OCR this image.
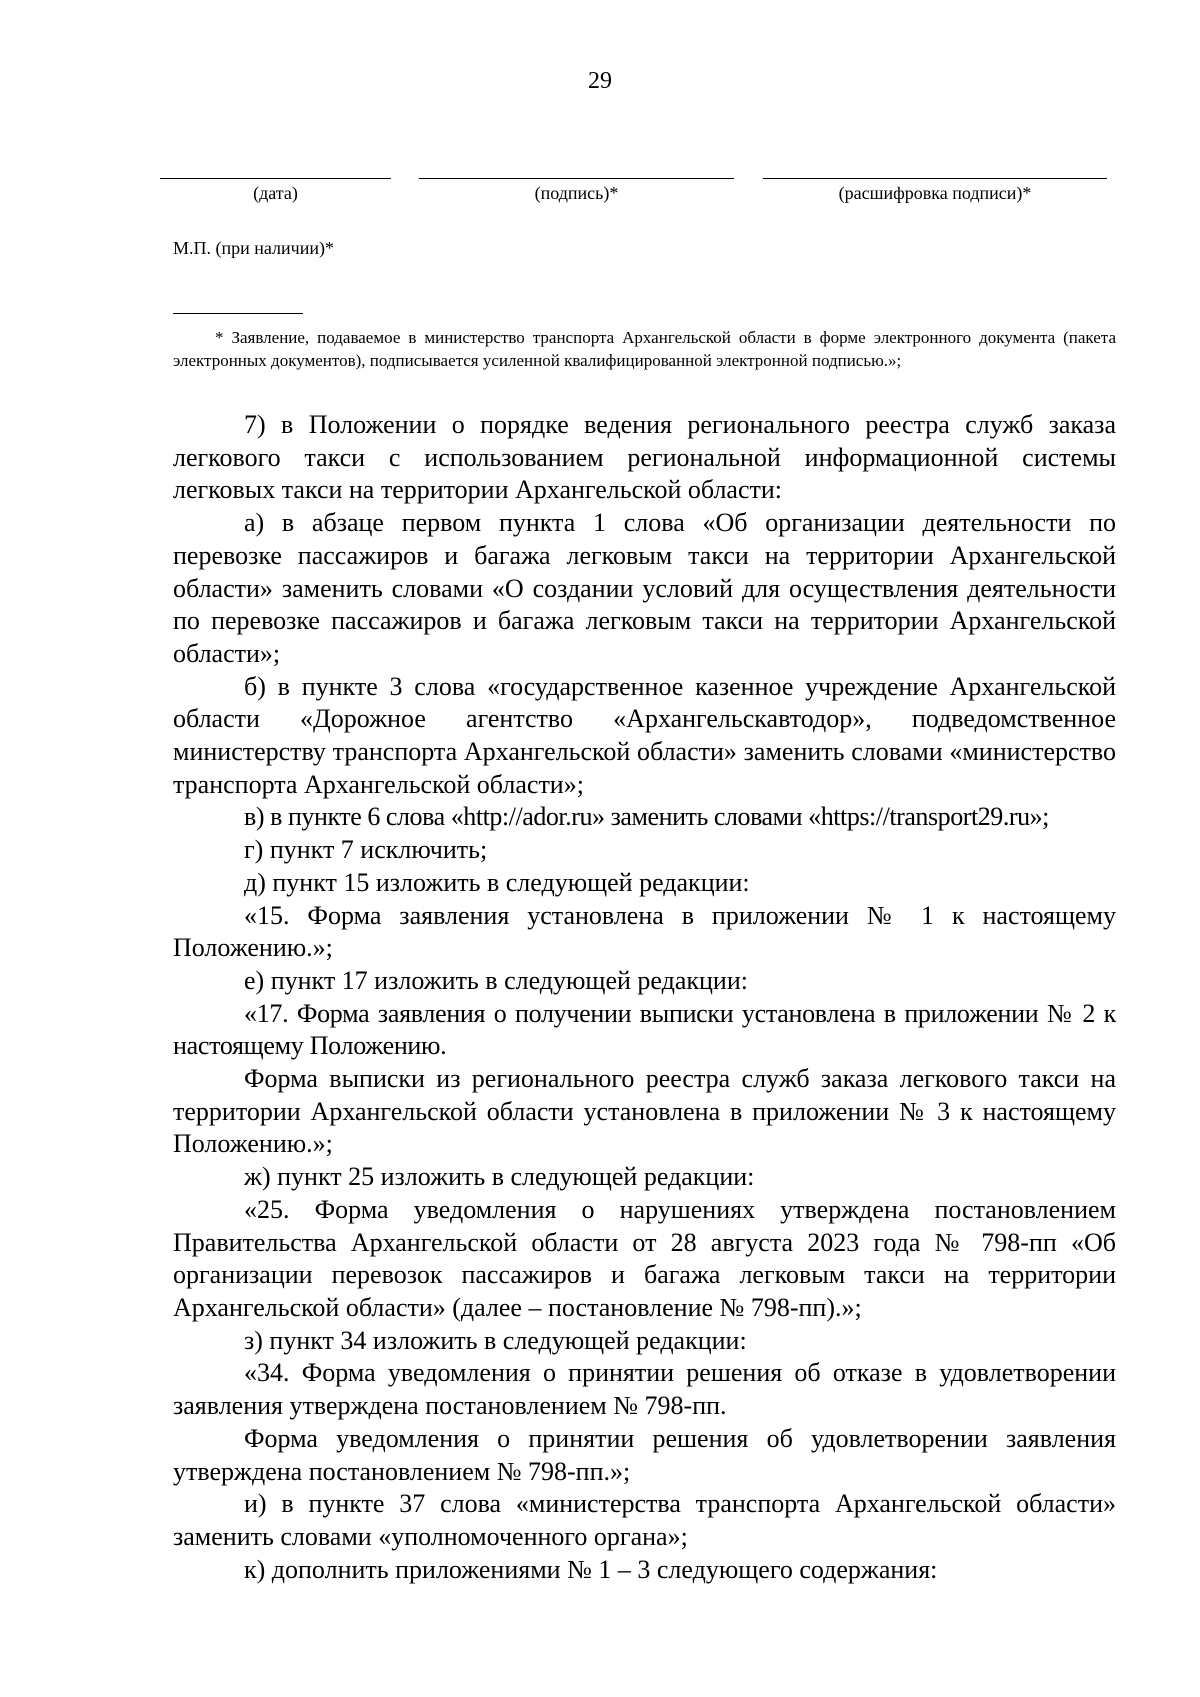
29
(дата)	(подпись)*	(расшифровка подписи)*
М.П. (при наличии)*
* Заявление, подаваемое в министерство транспорта Архангельской области в форме электронного документа (пакета электронных документов), подписывается усиленной квалифицированной электронной подписью.»;

7) в Положении о порядке ведения регионального реестра служб заказа легкового такси с использованием региональной информационной системы легковых такси на территории Архангельской области:

а) в абзаце первом пункта 1 слова «Об организации деятельности по перевозке пассажиров и багажа легковым такси на территории Архангельской области» заменить словами «О создании условий для осуществления деятельности по перевозке пассажиров и багажа легковым такси на территории Архангельской области»;

б) в пункте 3 слова «государственное казенное учреждение Архангельской области «Дорожное агентство «Архангельскавтодор», подведомственное министерству транспорта Архангельской области» заменить словами «министерство транспорта Архангельской области»;

в) в пункте 6 слова «http://ador.ru» заменить словами «https://transport29.ru»;

г) пункт 7 исключить;

д) пункт 15 изложить в следующей редакции:

«15. Форма заявления установлена в приложении № 1 к настоящему Положению.»;

е) пункт 17 изложить в следующей редакции:

«17. Форма заявления о получении выписки установлена в приложении № 2 к настоящему Положению.

Форма выписки из регионального реестра служб заказа легкового такси на территории Архангельской области установлена в приложении № 3 к настоящему Положению.»;

ж) пункт 25 изложить в следующей редакции:

«25. Форма уведомления о нарушениях утверждена постановлением Правительства Архангельской области от 28 августа 2023 года № 798-пп «Об организации перевозок пассажиров и багажа легковым такси на территории Архангельской области» (далее – постановление № 798-пп).»;

з) пункт 34 изложить в следующей редакции:

«34. Форма уведомления о принятии решения об отказе в удовлетворении заявления утверждена постановлением № 798-пп.

Форма уведомления о принятии решения об удовлетворении заявления утверждена постановлением № 798-пп.»;

и) в пункте 37 слова «министерства транспорта Архангельской области» заменить словами «уполномоченного органа»;

к) дополнить приложениями № 1 – 3 следующего содержания:
